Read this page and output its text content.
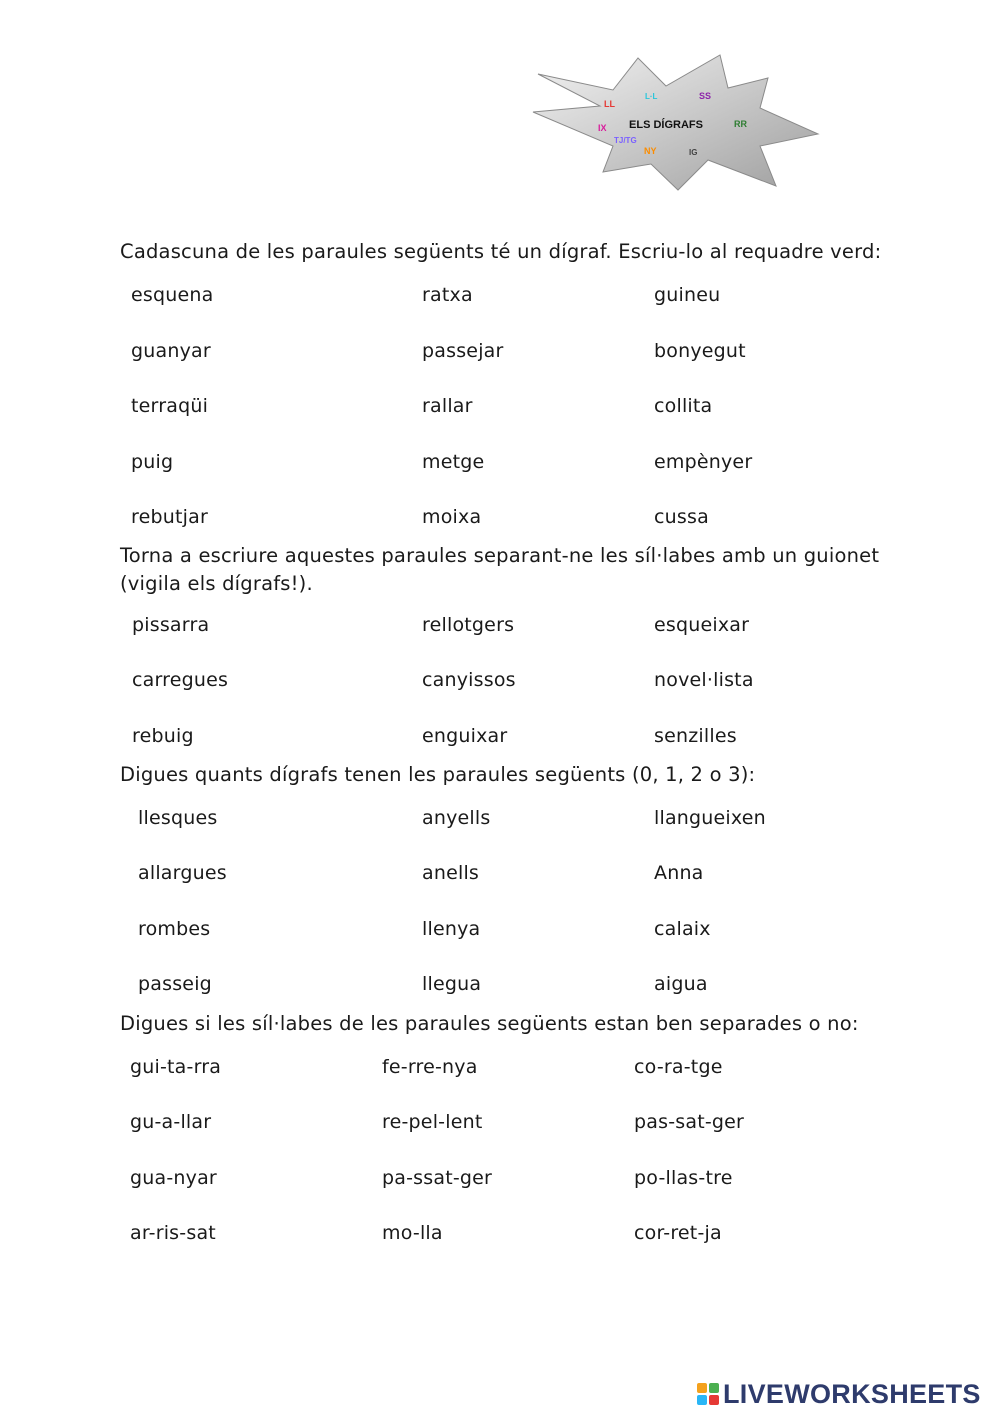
ELS DÍGRAFS
LL
L·L	SS
RR
IX
TJ/TG
NY	IG

Cadascuna de les paraules següents té un dígraf. Escriu-lo al requadre verd:

esquena	ratxa	guineu
guanyar	passejar	bonyegut
terraqüi	rallar	collita
puig	metge	empènyer
rebutjar	moixa	cussa

Torna a escriure aquestes paraules separant-ne les síl·labes amb un guionet (vigila els dígrafs!).

pissarra	rellotgers	esqueixar
carregues	canyissos	novel·lista
rebuig	enguixar	senzilles

Digues quants dígrafs tenen les paraules següents (0, 1, 2 o 3):

llesques	anyells	llangueixen
allargues	anells	Anna
rombes	llenya	calaix
passeig	llegua	aigua

Digues si les síl·labes de les paraules següents estan ben separades o no:

gui-ta-rra	fe-rre-nya	co-ra-tge
gu-a-llar	re-pel-lent	pas-sat-ger
gua-nyar	pa-ssat-ger	po-llas-tre
ar-ris-sat	mo-lla	cor-ret-ja
LIVEWORKSHEETS
